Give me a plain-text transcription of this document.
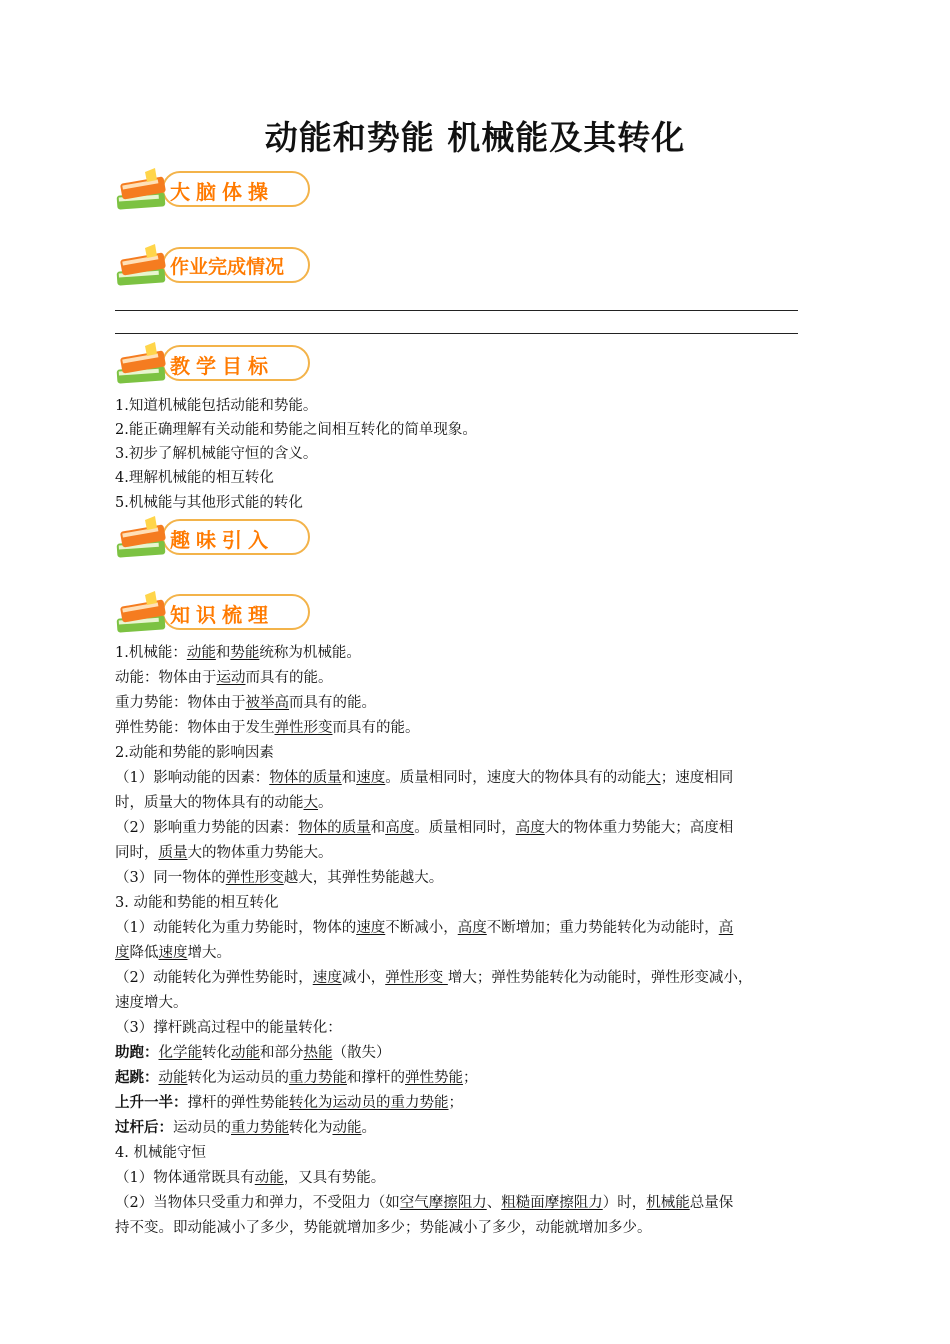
动能和势能 机械能及其转化
大脑体操
作业完成情况
教学目标
1.知道机械能包括动能和势能。
2.能正确理解有关动能和势能之间相互转化的简单现象。
3.初步了解机械能守恒的含义。
4.理解机械能的相互转化
5.机械能与其他形式能的转化
趣味引入
知识梳理
1.机械能：动能和势能统称为机械能。
动能：物体由于运动而具有的能。
重力势能：物体由于被举高而具有的能。
弹性势能：物体由于发生弹性形变而具有的能。
2.动能和势能的影响因素
（1）影响动能的因素：物体的质量和速度。质量相同时，速度大的物体具有的动能大；速度相同
时，质量大的物体具有的动能大。
（2）影响重力势能的因素：物体的质量和高度。质量相同时，高度大的物体重力势能大；高度相
同时，质量大的物体重力势能大。
（3）同一物体的弹性形变越大，其弹性势能越大。
3. 动能和势能的相互转化
（1）动能转化为重力势能时，物体的速度不断减小，高度不断增加；重力势能转化为动能时，高
度降低速度增大。
（2）动能转化为弹性势能时，速度减小，弹性形变 增大；弹性势能转化为动能时，弹性形变减小，
速度增大。
（3）撑杆跳高过程中的能量转化：
助跑：化学能转化动能和部分热能（散失）
起跳：动能转化为运动员的重力势能和撑杆的弹性势能；
上升一半：撑杆的弹性势能转化为运动员的重力势能；
过杆后：运动员的重力势能转化为动能。
4. 机械能守恒
（1）物体通常既具有动能，又具有势能。
（2）当物体只受重力和弹力，不受阻力（如空气摩擦阻力、粗糙面摩擦阻力）时，机械能总量保
持不变。即动能减小了多少，势能就增加多少；势能减小了多少，动能就增加多少。
